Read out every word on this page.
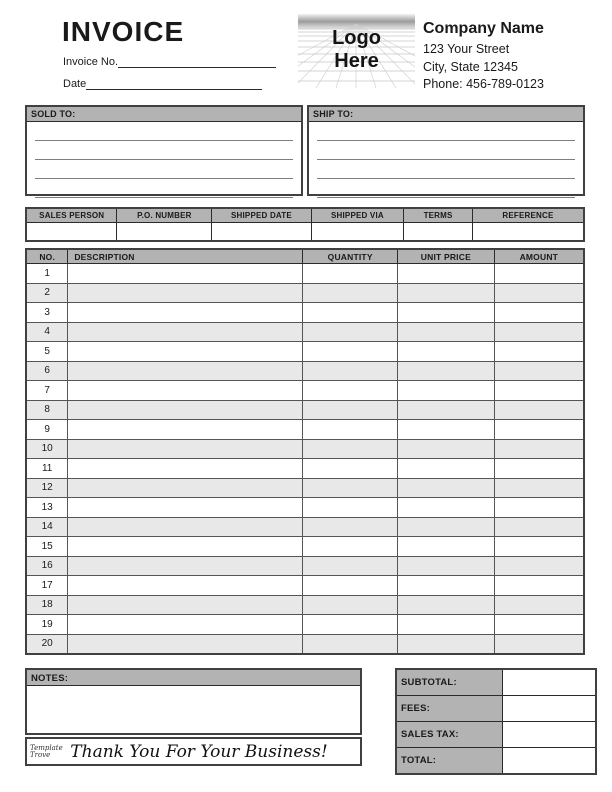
INVOICE
Invoice No.
Date
Logo
Here
Company Name
123 Your Street
City, State 12345
Phone: 456-789-0123
SOLD TO:	SHIP TO:
SALES PERSON	P.O. NUMBER	SHIPPED DATE	SHIPPED VIA	TERMS	REFERENCE

NO.	DESCRIPTION	QUANTITY	UNIT PRICE	AMOUNT
1				
2				
3				
4				
5				
6				
7				
8				
9				
10				
11				
12				
13				
14				
15				
16				
17				
18				
19				
20				
NOTES:
Template
Trove	Thank You For Your Business!
SUBTOTAL:	
FEES:	
SALES TAX:	
TOTAL:	
